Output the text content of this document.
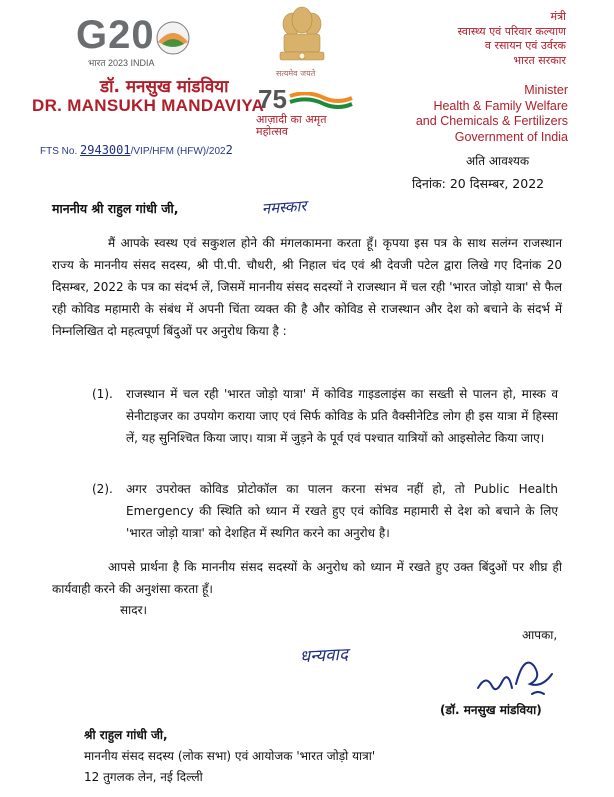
G20
भारत 2023 INDIA
डॉ. मनसुख मांडविया
DR. MANSUKH MANDAVIYA
सत्यमेव जयते
75
आज़ादी का अमृत महोत्सव
मंत्री
स्वास्थ्य एवं परिवार कल्याण
व रसायन एवं उर्वरक
भारत सरकार
Minister
Health & Family Welfare
and Chemicals & Fertilizers
Government of India
FTS No. 2943001/VIP/HFM (HFW)/2022
अति आवश्यक
दिनांक: 20 दिसम्बर, 2022
माननीय श्री राहुल गांधी जी,	नमस्कार
मैं आपके स्वस्थ एवं सकुशल होने की मंगलकामना करता हूँ। कृपया इस पत्र के साथ सलंग्न राजस्थान राज्य के माननीय संसद सदस्य, श्री पी.पी. चौधरी, श्री निहाल चंद एवं श्री देवजी पटेल द्वारा लिखे गए दिनांक 20 दिसम्बर, 2022 के पत्र का संदर्भ लें, जिसमें माननीय संसद सदस्यों ने राजस्थान में चल रही 'भारत जोड़ो यात्रा' से फैल रही कोविड महामारी के संबंध में अपनी चिंता व्यक्त की है और कोविड से राजस्थान और देश को बचाने के संदर्भ में निम्नलिखित दो महत्वपूर्ण बिंदुओं पर अनुरोध किया है :
(1). राजस्थान में चल रही 'भारत जोड़ो यात्रा' में कोविड गाइडलाइंस का सख्ती से पालन हो, मास्क व सेनीटाइजर का उपयोग कराया जाए एवं सिर्फ कोविड के प्रति वैक्सीनेटिड लोग ही इस यात्रा में हिस्सा लें, यह सुनिश्चित किया जाए। यात्रा में जुड़ने के पूर्व एवं पश्चात यात्रियों को आइसोलेट किया जाए।
(2). अगर उपरोक्त कोविड प्रोटोकॉल का पालन करना संभव नहीं हो, तो Public Health Emergency की स्थिति को ध्यान में रखते हुए एवं कोविड महामारी से देश को बचाने के लिए 'भारत जोड़ो यात्रा' को देशहित में स्थगित करने का अनुरोध है।
आपसे प्रार्थना है कि माननीय संसद सदस्यों के अनुरोध को ध्यान में रखते हुए उक्त बिंदुओं पर शीघ्र ही कार्यवाही करने की अनुशंसा करता हूँ।
सादर।
आपका,
धन्यवाद
(डॉ. मनसुख मांडविया)
श्री राहुल गांधी जी,
माननीय संसद सदस्य (लोक सभा) एवं आयोजक 'भारत जोड़ो यात्रा'
12 तुगलक लेन, नई दिल्ली
